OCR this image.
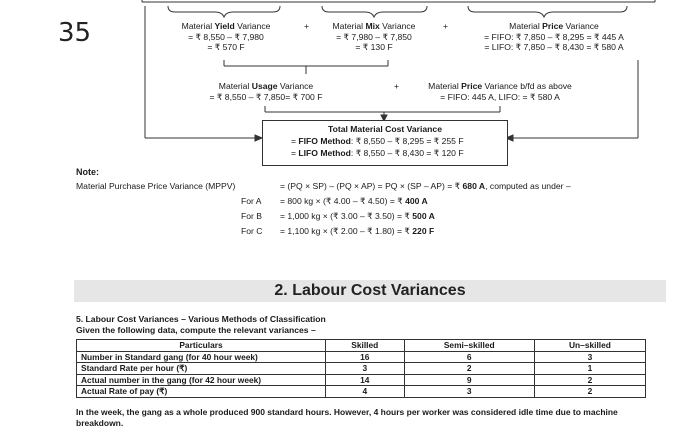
35	Material Yield Variance
= ₹ 8,550 – ₹ 7,980
= ₹ 570 F
+	Material Mix Variance
= ₹ 7,980 – ₹ 7,850
= ₹ 130 F
+	Material Price Variance
= FIFO: ₹ 7,850 – ₹ 8,295 = ₹ 445 A
= LIFO: ₹ 7,850 – ₹ 8,430 = ₹ 580 A
Material Usage Variance
= ₹ 8,550 – ₹ 7,850= ₹ 700 F
+	Material Price Variance b/fd as above
= FIFO: 445 A, LIFO: = ₹ 580 A
Total Material Cost Variance
= FIFO Method: ₹ 8,550 – ₹ 8,295 = ₹ 255 F
= LIFO Method: ₹ 8,550 – ₹ 8,430 = ₹ 120 F
Note:
Material Purchase Price Variance (MPPV)	= (PQ × SP) – (PQ × AP) = PQ × (SP – AP) = ₹ 680 A, computed as under –
For A = 800 kg × (₹ 4.00 – ₹ 4.50) = ₹ 400 A
For B = 1,000 kg × (₹ 3.00 – ₹ 3.50) = ₹ 500 A
For C = 1,100 kg × (₹ 2.00 – ₹ 1.80) = ₹ 220 F
2. Labour Cost Variances
5. Labour Cost Variances – Various Methods of Classification
Given the following data, compute the relevant variances –
Particulars	Skilled	Semi–skilled	Un–skilled
Number in Standard gang (for 40 hour week)	16	6	3
Standard Rate per hour (₹)	3	2	1
Actual number in the gang (for 42 hour week)	14	9	2
Actual Rate of pay (₹)	4	3	2
In the week, the gang as a whole produced 900 standard hours. However, 4 hours per worker was considered idle time due to machine breakdown.
